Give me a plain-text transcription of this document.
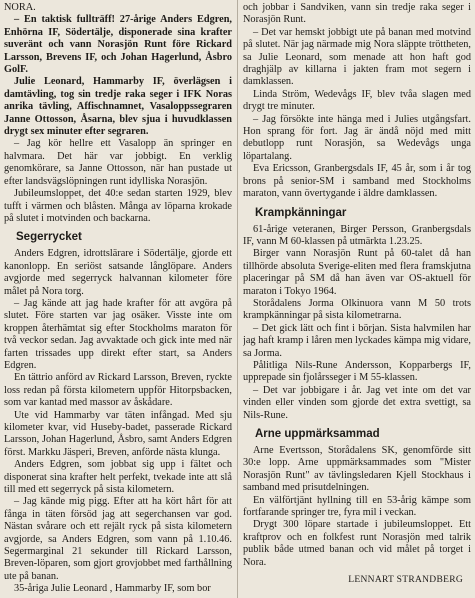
NORA.

– En taktisk fullträff! 27-årige Anders Edgren, Enhörna IF, Södertälje, disponerade sina krafter suveränt och vann Norasjön Runt före Rickard Larsson, Brevens IF, och Johan Hagerlund, Åsbro GolF.

Julie Leonard, Hammarby IF, överlägsen i damtävling, tog sin tredje raka seger i IFK Noras anrika tävling, Affischnamnet, Vasaloppssegraren Janne Ottosson, Åsarna, blev sjua i huvudklassen drygt sex minuter efter segraren.

– Jag kör hellre ett Vasalopp än springer en halvmara. Det här var jobbigt. En verklig genomkörare, sa Janne Ottosson, när han pustade ut efter landsvägslöpningen runt idylliska Norasjön.

Jubileumsloppet, det 40:e sedan starten 1929, blev tufft i värmen och blåsten. Många av löparna krokade på slutet i motvinden och backarna.

Segerrycket

Anders Edgren, idrottslärare i Södertälje, gjorde ett kanonlopp. En seriöst satsande långlöpare. Anders avgjorde med segerryck halvannan kilometer före målet på Nora torg.

– Jag kände att jag hade krafter för att avgöra på slutet. Före starten var jag osäker. Visste inte om kroppen återhämtat sig efter Stockholms maraton för två veckor sedan. Jag avvaktade och gick inte med när farten trissades upp direkt efter start, sa Anders Edgren.

En tättrio anförd av Rickard Larsson, Breven, ryckte loss redan på första kilometern uppför Hitorpsbacken, som var kantad med massor av åskådare.

Ute vid Hammarby var täten infångad. Med sju kilometer kvar, vid Huseby-badet, passerade Rickard Larsson, Johan Hagerlund, Åsbro, samt Anders Edgren först. Markku Jäsperi, Breven, anförde nästa klunga.

Anders Edgren, som jobbat sig upp i fältet och disponerat sina krafter helt perfekt, tvekade inte att slå till med ett segerryck på sista kilometern.

– Jag kände mig pigg. Efter att ha kört hårt för att fånga in täten försöd jag att segerchansen var god. Nästan svårare och ett rejält ryck på sista kilometern avgjorde, sa Anders Edgren, som vann på 1.10.46. Segermarginal 21 sekunder till Rickard Larsson, Breven-löparen, som gjort grovjobbet med farthållning ute på banan.

35-åriga Julie Leonard , Hammarby IF, som bor

och jobbar i Sandviken, vann sin tredje raka seger i Norasjön Runt.

– Det var hemskt jobbigt ute på banan med motvind på slutet. När jag närmade mig Nora släppte tröttheten, sa Julie Leonard, som menade att hon haft god draghjälp av killarna i jakten fram mot segern i damklassen.

Linda Ström, Wedevågs IF, blev tvåa slagen med drygt tre minuter.

– Jag försökte inte hänga med i Julies utgångsfart. Hon sprang för fort. Jag är ändå nöjd med mitt debutlopp runt Norasjön, sa Wedevågs unga löpartalang.

Eva Ericsson, Granbergsdals IF, 45 år, som i år tog brons på senior-SM i samband med Stockholms maraton, vann övertygande i äldre damklassen.

Krampkänningar

61-årige veteranen, Birger Persson, Granbergsdals IF, vann M 60-klassen på utmärkta 1.23.25.

Birger vann Norasjön Runt på 60-talet då han tillhörde absoluta Sverige-eliten med flera framskjutna placeringar på SM då han även var OS-aktuell för maraton i Tokyo 1964.

Storådalens Jorma Olkinuora vann M 50 trots krampkänningar på sista kilometrarna.

– Det gick lätt och fint i början. Sista halvmilen har jag haft kramp i låren men lyckades kämpa mig vidare, sa Jorma.

Pålitliga Nils-Rune Andersson, Kopparbergs IF, upprepade sin fjolårsseger i M 55-klassen.

– Det var jobbigare i år. Jag vet inte om det var vinden eller vinden som gjorde det extra svettigt, sa Nils-Rune.

Arne uppmärksammad

Arne Evertsson, Storådalens SK, genomförde sitt 30:e lopp. Arne uppmärksammades som "Mister Norasjön Runt" av tävlingsledaren Kjell Stockhaus i samband med prisutdelningen.

En välförtjänt hyllning till en 53-årig kämpe som fortfarande springer tre, fyra mil i veckan.

Drygt 300 löpare startade i jubileumsloppet. Ett kraftprov och en folkfest runt Norasjön med talrik publik både utmed banan och vid målet på torget i Nora.

LENNART STRANDBERG
